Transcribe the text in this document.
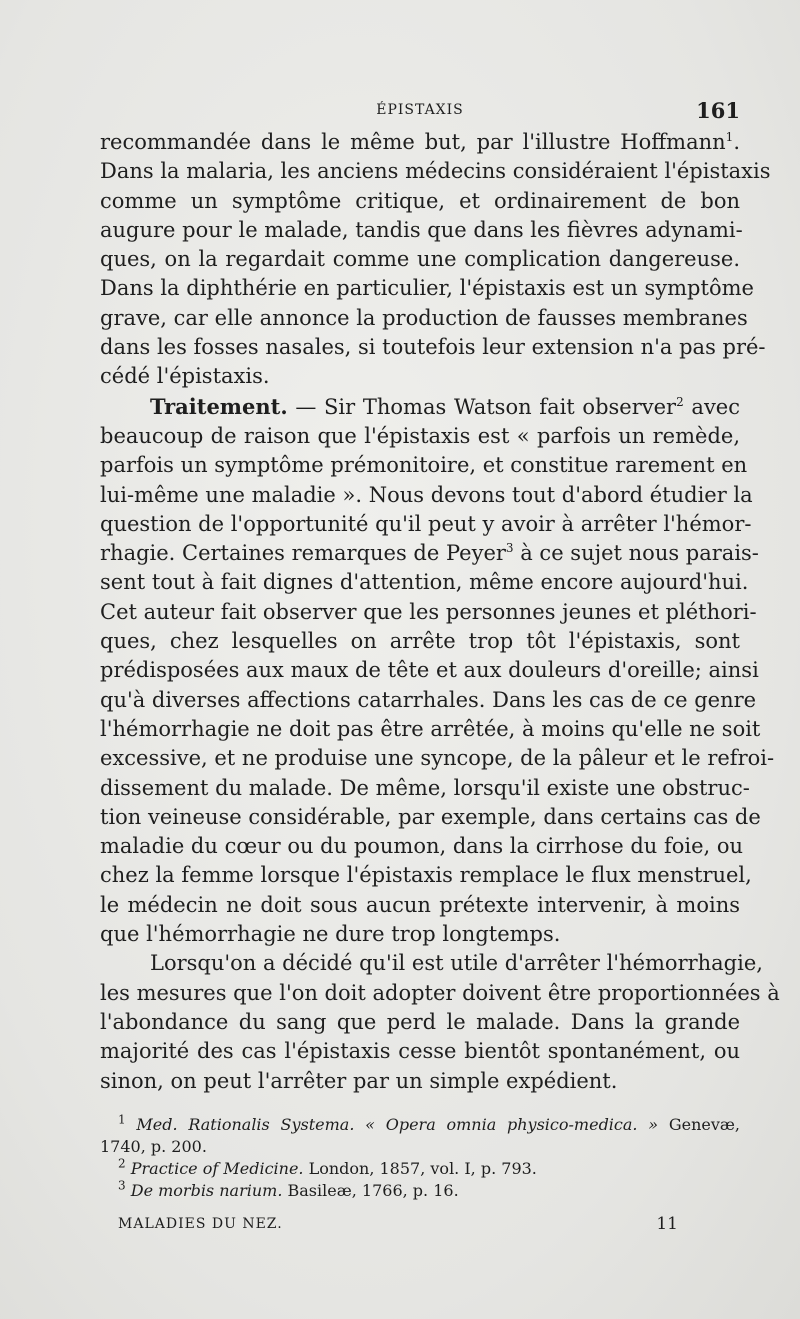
ÉPISTAXIS	161
recommandée dans le même but, par l'illustre Hoffmann$^1$.
Dans la malaria, les anciens médecins considéraient l'épistaxis
comme un symptôme critique, et ordinairement de bon
augure pour le malade, tandis que dans les fièvres adynami-
ques, on la regardait comme une complication dangereuse.
Dans la diphthérie en particulier, l'épistaxis est un symptôme
grave, car elle annonce la production de fausses membranes
dans les fosses nasales, si toutefois leur extension n'a pas pré-
cédé l'épistaxis.
Traitement. — Sir Thomas Watson fait observer$^2$ avec
beaucoup de raison que l'épistaxis est « parfois un remède,
parfois un symptôme prémonitoire, et constitue rarement en
lui-même une maladie ». Nous devons tout d'abord étudier la
question de l'opportunité qu'il peut y avoir à arrêter l'hémor-
rhagie. Certaines remarques de Peyer$^3$ à ce sujet nous parais-
sent tout à fait dignes d'attention, même encore aujourd'hui.
Cet auteur fait observer que les personnes jeunes et pléthori-
ques, chez lesquelles on arrête trop tôt l'épistaxis, sont
prédisposées aux maux de tête et aux douleurs d'oreille; ainsi
qu'à diverses affections catarrhales. Dans les cas de ce genre
l'hémorrhagie ne doit pas être arrêtée, à moins qu'elle ne soit
excessive, et ne produise une syncope, de la pâleur et le refroi-
dissement du malade. De même, lorsqu'il existe une obstruc-
tion veineuse considérable, par exemple, dans certains cas de
maladie du cœur ou du poumon, dans la cirrhose du foie, ou
chez la femme lorsque l'épistaxis remplace le flux menstruel,
le médecin ne doit sous aucun prétexte intervenir, à moins
que l'hémorrhagie ne dure trop longtemps.
Lorsqu'on a décidé qu'il est utile d'arrêter l'hémorrhagie,
les mesures que l'on doit adopter doivent être proportionnées à
l'abondance du sang que perd le malade. Dans la grande
majorité des cas l'épistaxis cesse bientôt spontanément, ou
sinon, on peut l'arrêter par un simple expédient.
$^1$ Med. Rationalis Systema. « Opera omnia physico-medica. » Genevæ,
1740, p. 200.
$^2$ Practice of Medicine. London, 1857, vol. I, p. 793.
$^3$ De morbis narium. Basileæ, 1766, p. 16.
MALADIES DU NEZ.	11
